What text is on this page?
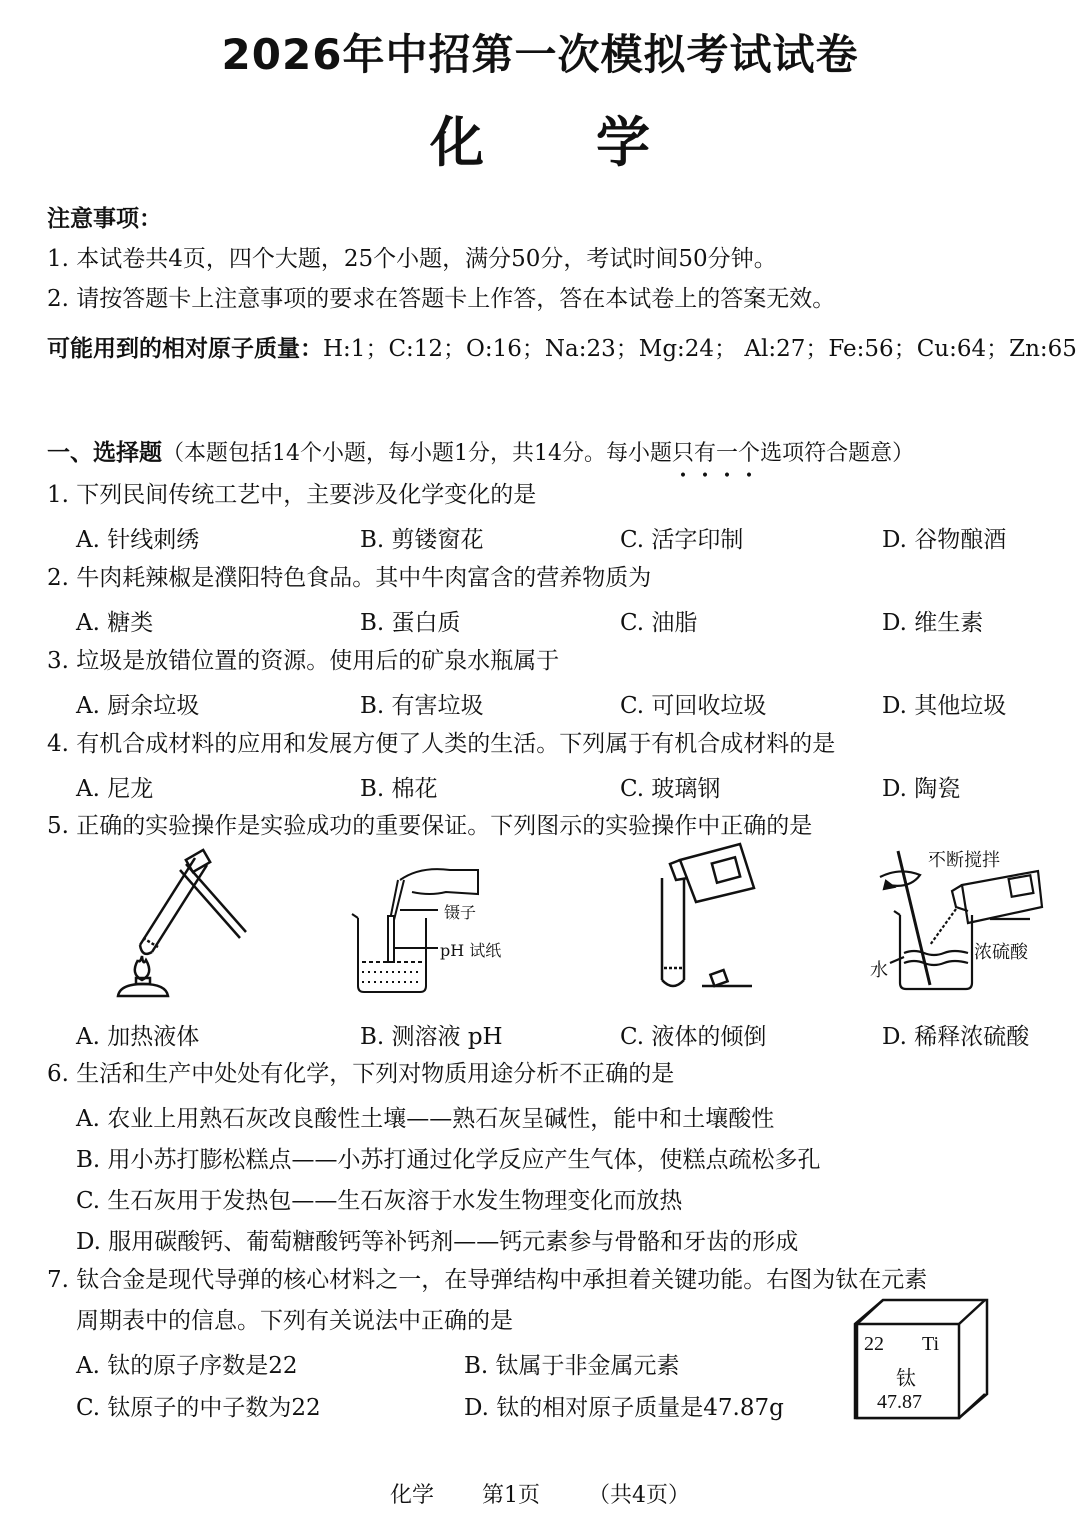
2026年中招第一次模拟考试试卷
化 学
注意事项：
1. 本试卷共4页，四个大题，25个小题，满分50分，考试时间50分钟。
2. 请按答题卡上注意事项的要求在答题卡上作答，答在本试卷上的答案无效。
可能用到的相对原子质量：H:1；C:12；O:16；Na:23；Mg:24； Al:27；Fe:56；Cu:64；Zn:65
一、选择题（本题包括14个小题，每小题1分，共14分。每小题只有一个选项符合题意）
1. 下列民间传统工艺中，主要涉及化学变化的是
A. 针线刺绣	B. 剪镂窗花	C. 活字印制	D. 谷物酿酒
2. 牛肉耗辣椒是濮阳特色食品。其中牛肉富含的营养物质为
A. 糖类	B. 蛋白质	C. 油脂	D. 维生素
3. 垃圾是放错位置的资源。使用后的矿泉水瓶属于
A. 厨余垃圾	B. 有害垃圾	C. 可回收垃圾	D. 其他垃圾
4. 有机合成材料的应用和发展方便了人类的生活。下列属于有机合成材料的是
A. 尼龙	B. 棉花	C. 玻璃钢	D. 陶瓷
5. 正确的实验操作是实验成功的重要保证。下列图示的实验操作中正确的是
镊子
pH 试纸
不断搅拌
浓硫酸
水
A. 加热液体	B. 测溶液 pH	C. 液体的倾倒	D. 稀释浓硫酸
6. 生活和生产中处处有化学，下列对物质用途分析不正确的是
A. 农业上用熟石灰改良酸性土壤——熟石灰呈碱性，能中和土壤酸性
B. 用小苏打膨松糕点——小苏打通过化学反应产生气体，使糕点疏松多孔
C. 生石灰用于发热包——生石灰溶于水发生物理变化而放热
D. 服用碳酸钙、葡萄糖酸钙等补钙剂——钙元素参与骨骼和牙齿的形成
7. 钛合金是现代导弹的核心材料之一，在导弹结构中承担着关键功能。右图为钛在元素
周期表中的信息。下列有关说法中正确的是
A. 钛的原子序数是22	B. 钛属于非金属元素
C. 钛原子的中子数为22	D. 钛的相对原子质量是47.87g
22 Ti
钛
47.87
化学 第1页 （共4页）
